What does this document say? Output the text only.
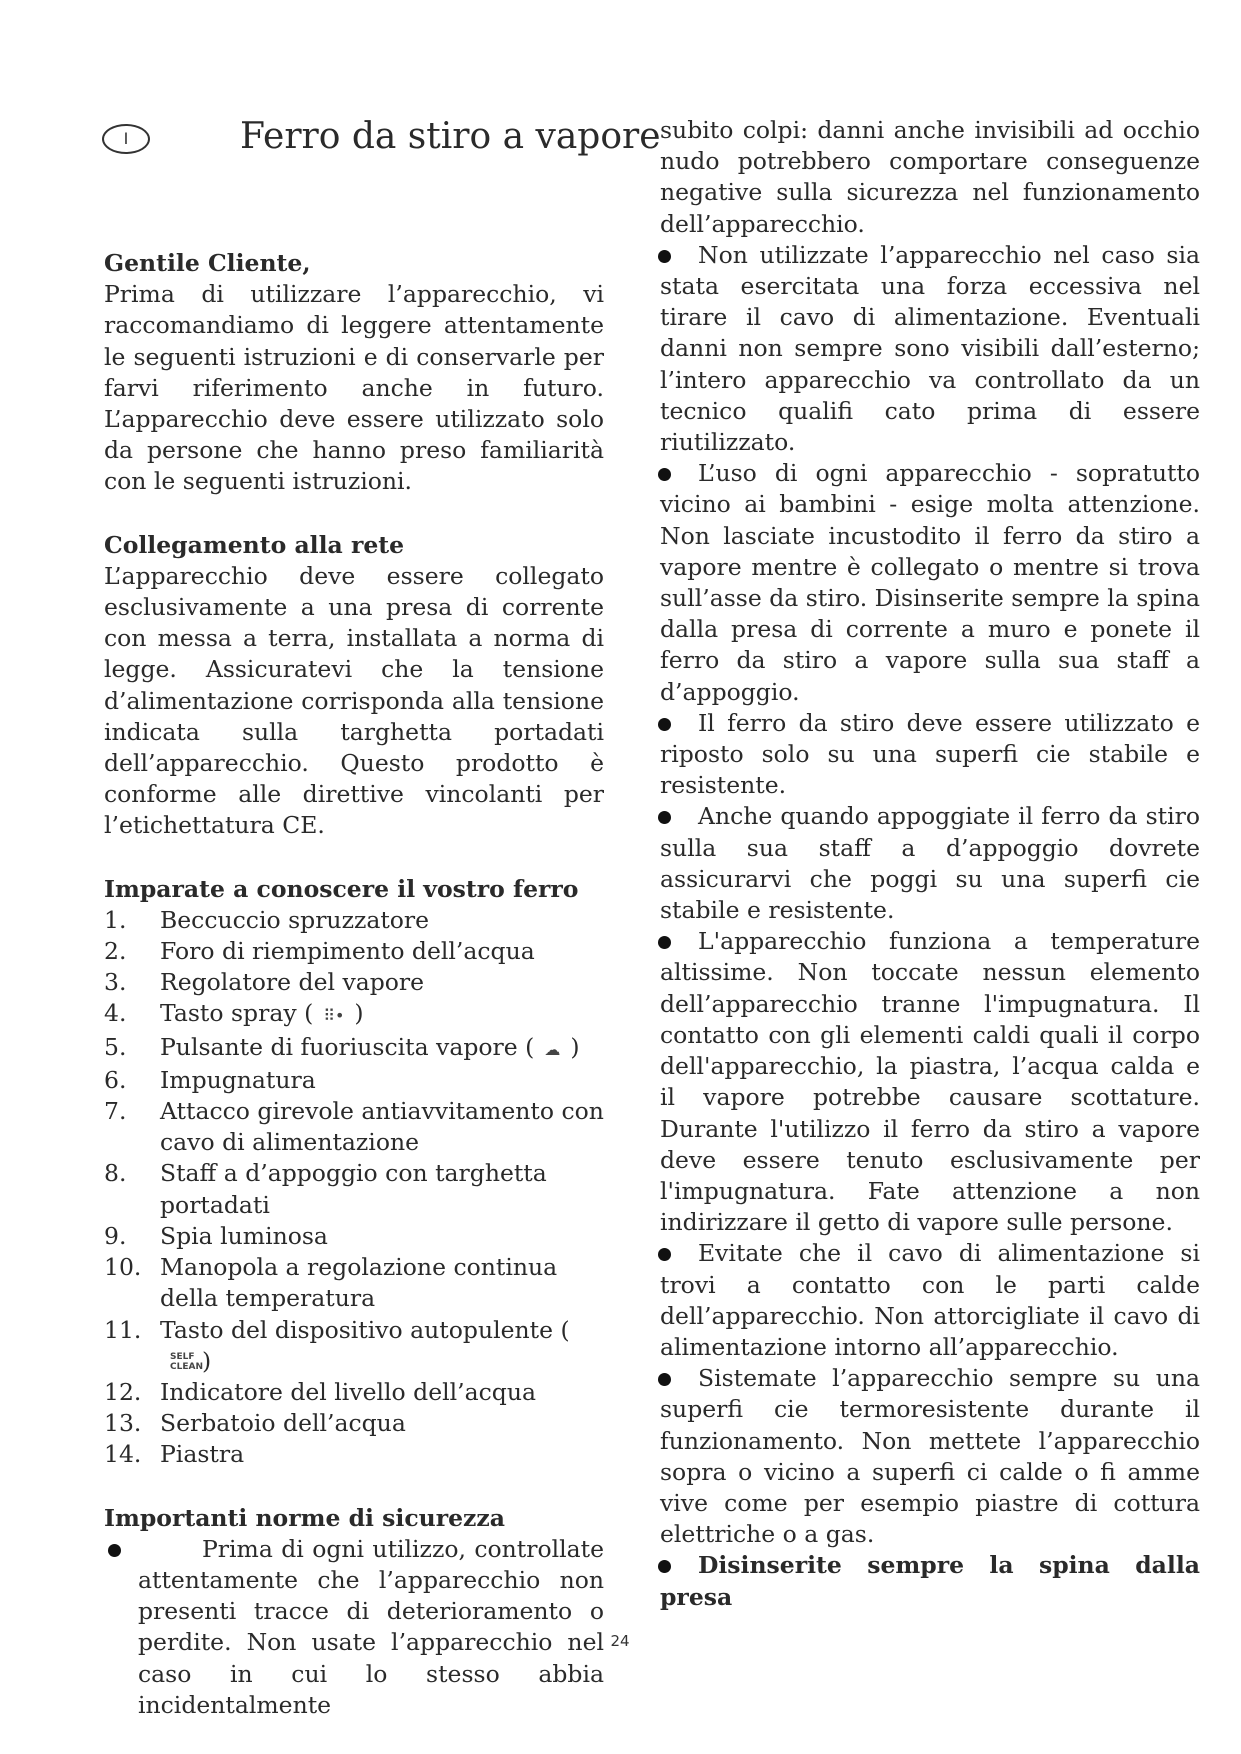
I	Ferro da stiro a vapore
Gentile Cliente,

Prima di utilizzare l’apparecchio, vi raccomandiamo di leggere attentamente le seguenti istruzioni e di conservarle per farvi riferimento anche in futuro. L’apparecchio deve essere utilizzato solo da persone che hanno preso familiarità con le seguenti istruzioni.

Collegamento alla rete

L’apparecchio deve essere collegato esclusivamente a una presa di corrente con messa a terra, installata a norma di legge. Assicuratevi che la tensione d’alimentazione corrisponda alla tensione indicata sulla targhetta portadati dell’apparecchio. Questo prodotto è conforme alle direttive vincolanti per l’etichettatura CE.

Imparate a conoscere il vostro ferro
1. Beccuccio spruzzatore
2. Foro di riempimento dell’acqua
3. Regolatore del vapore
4. Tasto spray ( ⠿• )
5. Pulsante di fuoriuscita vapore ( ☁ )
6. Impugnatura
7. Attacco girevole antiavvitamento con cavo di alimentazione
8. Staff a d’appoggio con targhetta portadati
9. Spia luminosa
10. Manopola a regolazione continua della temperatura
11. Tasto del dispositivo autopulente (SELF CLEAN)
12. Indicatore del livello dell’acqua
13. Serbatoio dell’acqua
14. Piastra
Importanti norme di sicurezza

Prima di ogni utilizzo, controllate attentamente che l’apparecchio non presenti tracce di deterioramento o perdite. Non usate l’apparecchio nel caso in cui lo stesso abbia incidentalmente

subito colpi: danni anche invisibili ad occhio nudo potrebbero comportare conseguenze negative sulla sicurezza nel funzionamento dell’apparecchio.

Non utilizzate l’apparecchio nel caso sia stata esercitata una forza eccessiva nel tirare il cavo di alimentazione. Eventuali danni non sempre sono visibili dall’esterno; l’intero apparecchio va controllato da un tecnico qualifi cato prima di essere riutilizzato.

L’uso di ogni apparecchio - sopratutto vicino ai bambini - esige molta attenzione. Non lasciate incustodito il ferro da stiro a vapore mentre è collegato o mentre si trova sull’asse da stiro. Disinserite sempre la spina dalla presa di corrente a muro e ponete il ferro da stiro a vapore sulla sua staff a d’appoggio.

Il ferro da stiro deve essere utilizzato e riposto solo su una superfi cie stabile e resistente.

Anche quando appoggiate il ferro da stiro sulla sua staff a d’appoggio dovrete assicurarvi che poggi su una superfi cie stabile e resistente.

L'apparecchio funziona a temperature altissime. Non toccate nessun elemento dell’apparecchio tranne l'impugnatura. Il contatto con gli elementi caldi quali il corpo dell'apparecchio, la piastra, l’acqua calda e il vapore potrebbe causare scottature. Durante l'utilizzo il ferro da stiro a vapore deve essere tenuto esclusivamente per l'impugnatura. Fate attenzione a non indirizzare il getto di vapore sulle persone.

Evitate che il cavo di alimentazione si trovi a contatto con le parti calde dell’apparecchio. Non attorcigliate il cavo di alimentazione intorno all’apparecchio.

Sistemate l’apparecchio sempre su una superfi cie termoresistente durante il funzionamento. Non mettete l’apparecchio sopra o vicino a superfi ci calde o fi amme vive come per esempio piastre di cottura elettriche o a gas.

Disinserite sempre la spina dalla presa

24
